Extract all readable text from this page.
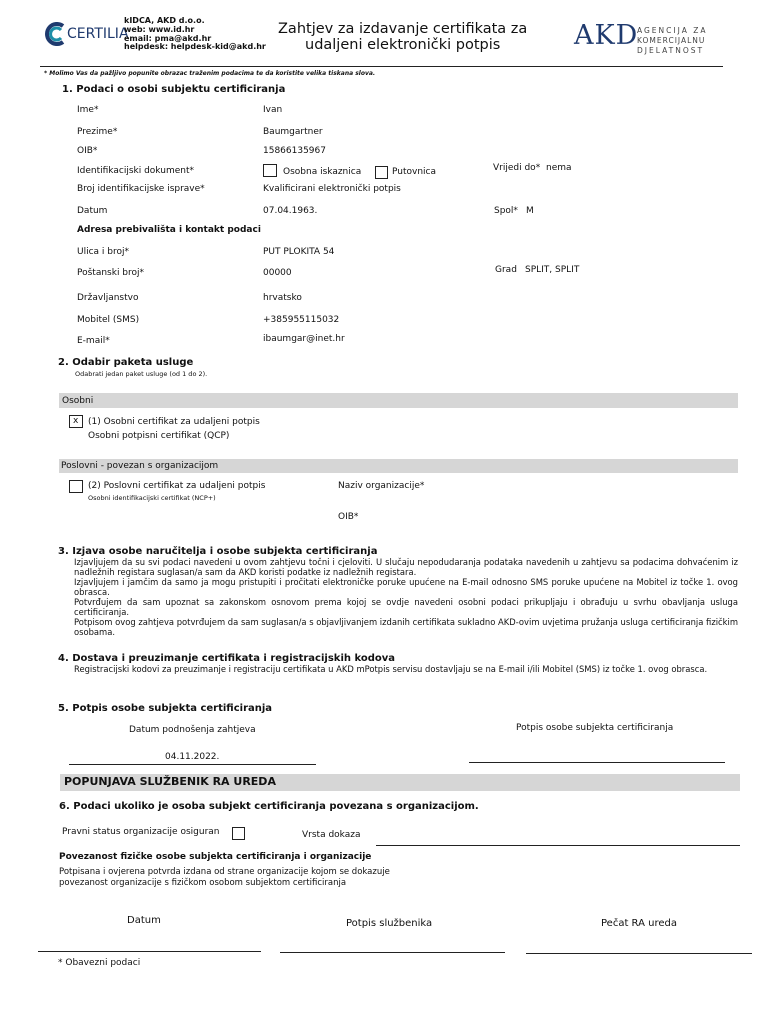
CERTILIA
kIDCA, AKD d.o.o.
web: www.id.hr
email: pma@akd.hr
helpdesk: helpdesk-kid@akd.hr
Zahtjev za izdavanje certifikata za
udaljeni elektronički potpis	AKD
AGENCIJA ZA
KOMERCIJALNU
DJELATNOST
* Molimo Vas da pažljivo popunite obrazac traženim podacima te da koristite velika tiskana slova.
1. Podaci o osobi subjektu certificiranja
Ime*	Ivan
Prezime*	Baumgartner
OIB*	15866135967
Identifikacijski dokument*	Osobna iskaznica	Putovnica	Vrijedi do* nema
Broj identifikacijske isprave*	Kvalificirani elektronički potpis
Datum	07.04.1963.	Spol* M
Adresa prebivališta i kontakt podaci
Ulica i broj*	PUT PLOKITA 54
Poštanski broj*	00000	Grad SPLIT, SPLIT
Državljanstvo	hrvatsko
Mobitel (SMS)	+385955115032
E-mail*	ibaumgar@inet.hr
2. Odabir paketa usluge
Odabrati jedan paket usluge (od 1 do 2).
Osobni
x (1) Osobni certifikat za udaljeni potpis
Osobni potpisni certifikat (QCP)
Poslovni - povezan s organizacijom
(2) Poslovni certifikat za udaljeni potpis
Osobni identifikacijski certifikat (NCP+)
Naziv organizacije*
OIB*
3. Izjava osobe naručitelja i osobe subjekta certificiranja
Izjavljujem da su svi podaci navedeni u ovom zahtjevu točni i cjeloviti. U slučaju nepodudaranja podataka navedenih u zahtjevu sa podacima dohvaćenim iz nadležnih registara suglasan/a sam da AKD koristi podatke iz nadležnih registara.
Izjavljujem i jamčim da samo ja mogu pristupiti i pročitati elektroničke poruke upućene na E-mail odnosno SMS poruke upućene na Mobitel iz točke 1. ovog obrasca.
Potvrđujem da sam upoznat sa zakonskom osnovom prema kojoj se ovdje navedeni osobni podaci prikupljaju i obrađuju u svrhu obavljanja usluga certificiranja.
Potpisom ovog zahtjeva potvrđujem da sam suglasan/a s objavljivanjem izdanih certifikata sukladno AKD-ovim uvjetima pružanja usluga certificiranja fizičkim osobama.
4. Dostava i preuzimanje certifikata i registracijskih kodova
Registracijski kodovi za preuzimanje i registraciju certifikata u AKD mPotpis servisu dostavljaju se na E-mail i/ili Mobitel (SMS) iz točke 1. ovog obrasca.
5. Potpis osobe subjekta certificiranja
Datum podnošenja zahtjeva
04.11.2022.
Potpis osobe subjekta certificiranja
POPUNJAVA SLUŽBENIK RA UREDA
6. Podaci ukoliko je osoba subjekt certificiranja povezana s organizacijom.
Pravni status organizacije osiguran	Vrsta dokaza
Povezanost fizičke osobe subjekta certificiranja i organizacije
Potpisana i ovjerena potvrda izdana od strane organizacije kojom se dokazuje
povezanost organizacije s fizičkom osobom subjektom certificiranja
Datum	Potpis službenika	Pečat RA ureda
* Obavezni podaci
